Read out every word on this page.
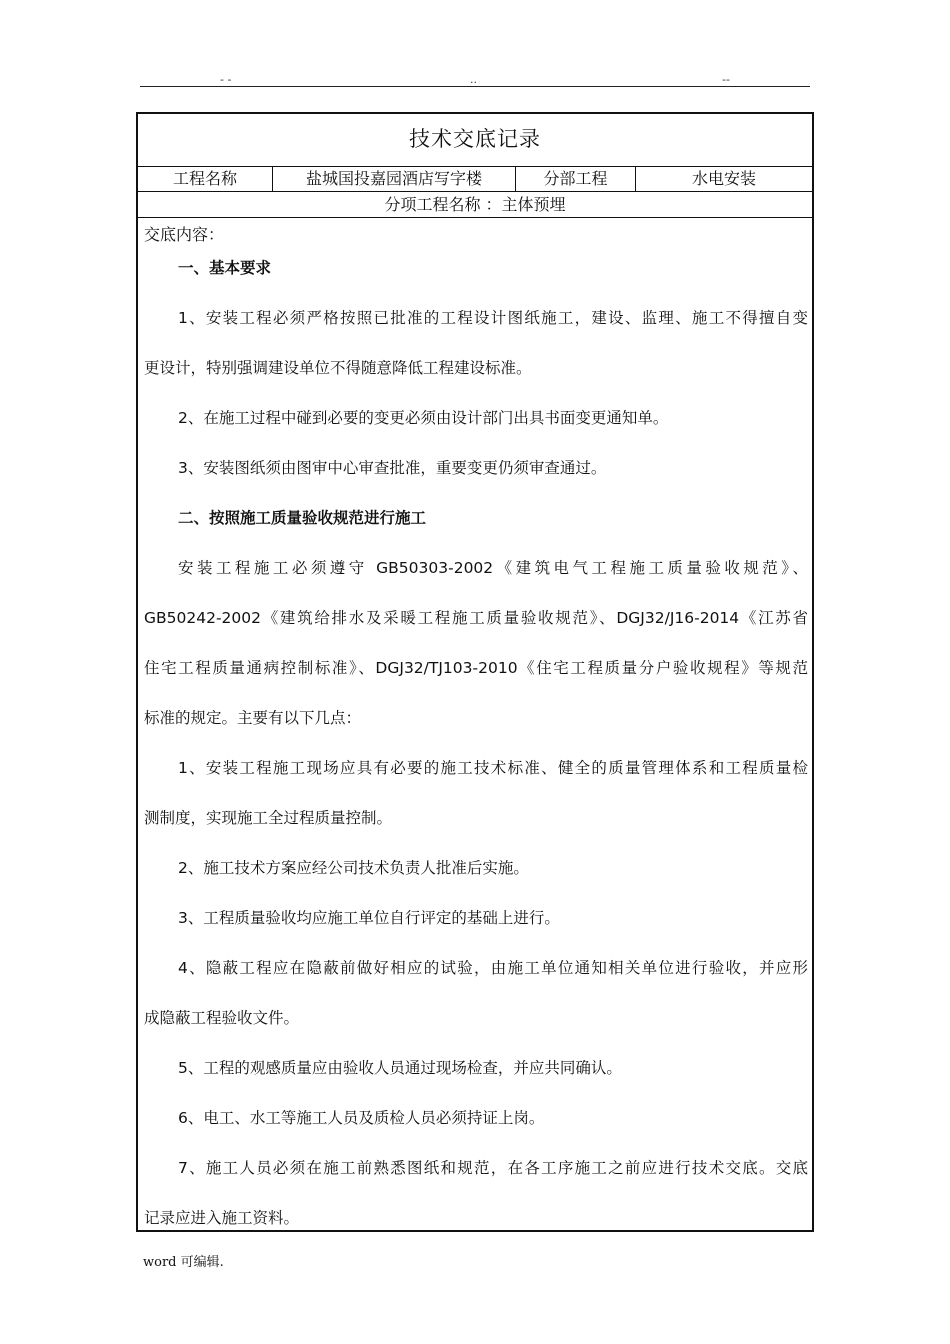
- -	..	--
技术交底记录
工程名称	盐城国投嘉园酒店写字楼	分部工程	水电安装
分项工程名称 ：主体预埋
交底内容：
一、基本要求
1、安装工程必须严格按照已批准的工程设计图纸施工，建设、监理、施工不得擅自变
更设计，特别强调建设单位不得随意降低工程建设标准。
2、在施工过程中碰到必要的变更必须由设计部门出具书面变更通知单。
3、安装图纸须由图审中心审查批准，重要变更仍须审查通过。
二、按照施工质量验收规范进行施工
安装工程施工必须遵守 GB50303-2002《建筑电气工程施工质量验收规范》、
GB50242-2002《建筑给排水及采暖工程施工质量验收规范》、DGJ32/J16-2014《江苏省
住宅工程质量通病控制标准》、DGJ32/TJ103-2010《住宅工程质量分户验收规程》等规范
标准的规定。主要有以下几点：
1、安装工程施工现场应具有必要的施工技术标准、健全的质量管理体系和工程质量检
测制度，实现施工全过程质量控制。
2、施工技术方案应经公司技术负责人批准后实施。
3、工程质量验收均应施工单位自行评定的基础上进行。
4、隐蔽工程应在隐蔽前做好相应的试验，由施工单位通知相关单位进行验收，并应形
成隐蔽工程验收文件。
5、工程的观感质量应由验收人员通过现场检查，并应共同确认。
6、电工、水工等施工人员及质检人员必须持证上岗。
7、施工人员必须在施工前熟悉图纸和规范，在各工序施工之前应进行技术交底。交底
记录应进入施工资料。
word 可编辑.
